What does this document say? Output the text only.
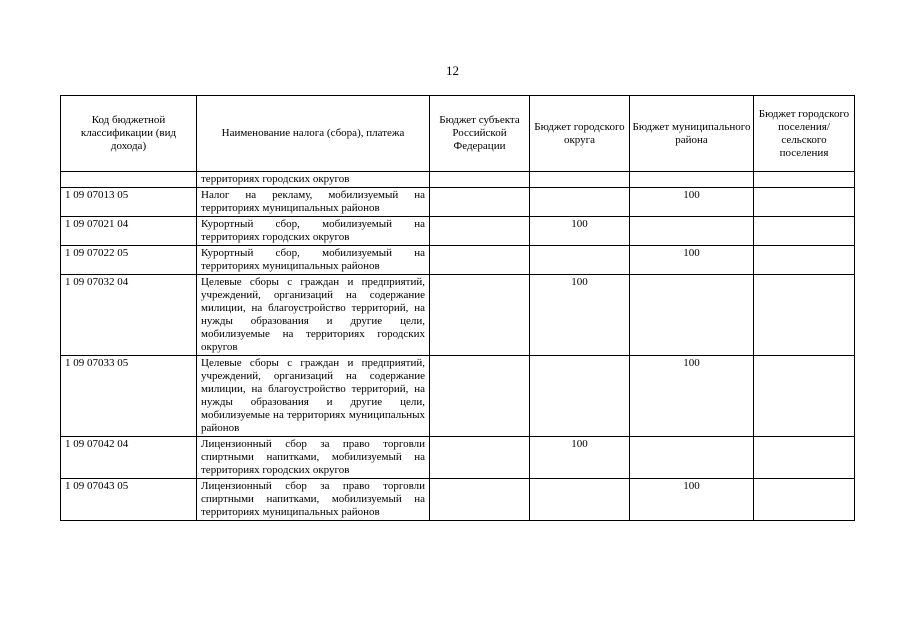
12
Код бюджетной классификации (вид дохода)	Наименование налога (сбора), платежа	Бюджет субъекта Российской Федерации	Бюджет городского округа	Бюджет муниципального района	Бюджет городского поселения/ сельского поселения
	территориях городских округов				
1 09 07013 05	Налог на рекламу, мобилизуемый на территориях муниципальных районов			100	
1 09 07021 04	Курортный сбор, мобилизуемый на территориях городских округов		100		
1 09 07022 05	Курортный сбор, мобилизуемый на территориях муниципальных районов			100	
1 09 07032 04	Целевые сборы с граждан и предприятий, учреждений, организаций на содержание милиции, на благоустройство территорий, на нужды образования и другие цели, мобилизуемые на территориях городских округов		100		
1 09 07033 05	Целевые сборы с граждан и предприятий, учреждений, организаций на содержание милиции, на благоустройство территорий, на нужды образования и другие цели, мобилизуемые на территориях муниципальных районов			100	
1 09 07042 04	Лицензионный сбор за право торговли спиртными напитками, мобилизуемый на территориях городских округов		100		
1 09 07043 05	Лицензионный сбор за право торговли спиртными напитками, мобилизуемый на территориях муниципальных районов			100	
